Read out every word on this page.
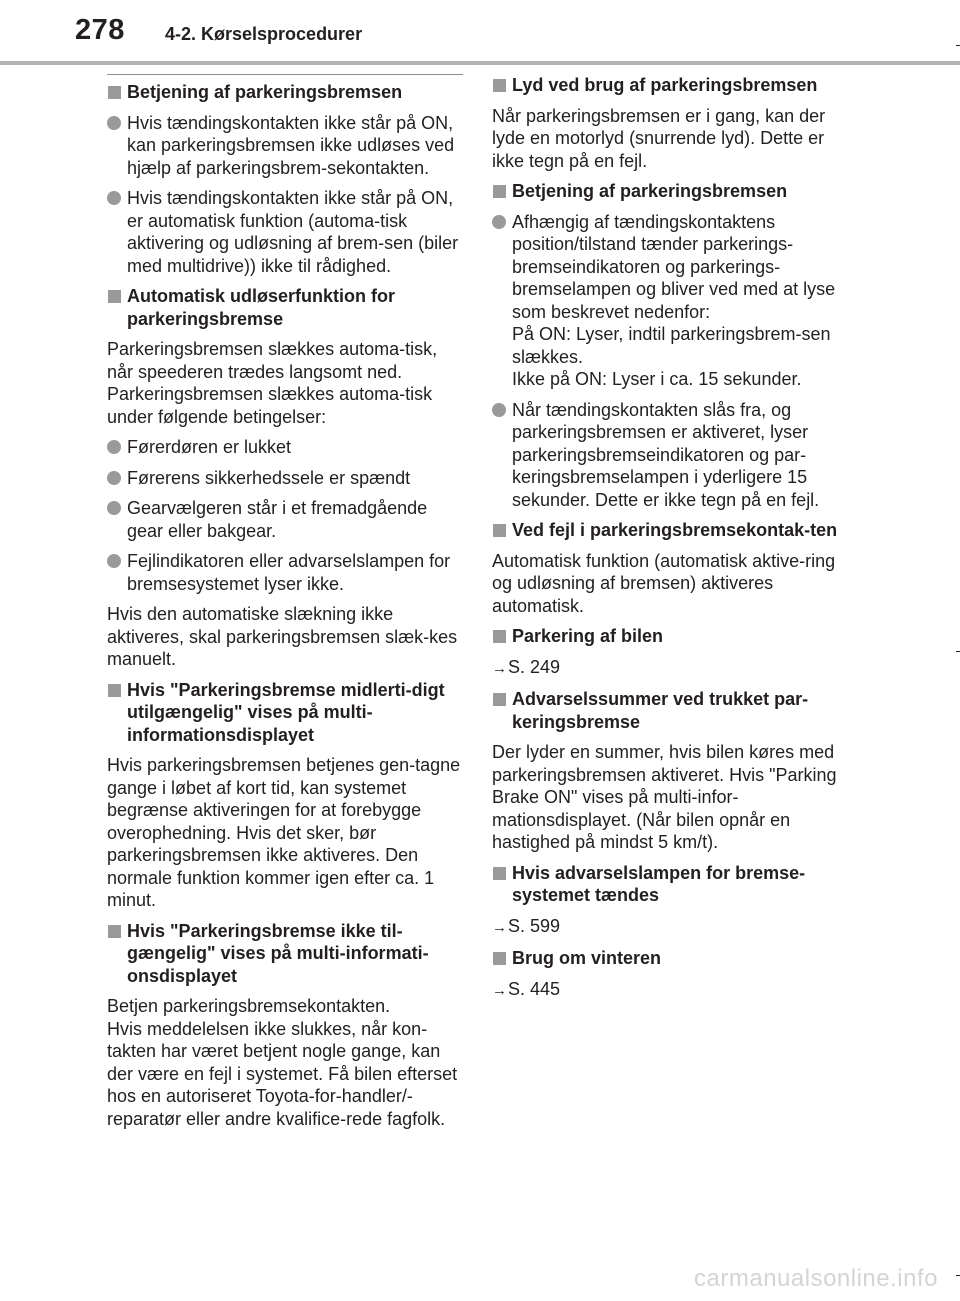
278 4-2. Kørselsprocedurer
Betjening af parkeringsbremsen
Hvis tændingskontakten ikke står på ON, kan parkeringsbremsen ikke udløses ved hjælp af parkeringsbrem-sekontakten.
Hvis tændingskontakten ikke står på ON, er automatisk funktion (automa-tisk aktivering og udløsning af brem-sen (biler med multidrive)) ikke til rådighed.
Automatisk udløserfunktion for parkeringsbremse
Parkeringsbremsen slækkes automa-tisk, når speederen trædes langsomt ned.
Parkeringsbremsen slækkes automa-tisk under følgende betingelser:
Førerdøren er lukket
Førerens sikkerhedssele er spændt
Gearvælgeren står i et fremadgående gear eller bakgear.
Fejlindikatoren eller advarselslampen for bremsesystemet lyser ikke.
Hvis den automatiske slækning ikke aktiveres, skal parkeringsbremsen slæk-kes manuelt.
Hvis "Parkeringsbremse midlerti-digt utilgængelig" vises på multi-informationsdisplayet
Hvis parkeringsbremsen betjenes gen-tagne gange i løbet af kort tid, kan systemet begrænse aktiveringen for at forebygge overophedning. Hvis det sker, bør parkeringsbremsen ikke aktiveres. Den normale funktion kommer igen efter ca. 1 minut.
Hvis "Parkeringsbremse ikke til-gængelig" vises på multi-informati-onsdisplayet
Betjen parkeringsbremsekontakten.
Hvis meddelelsen ikke slukkes, når kon-takten har været betjent nogle gange, kan der være en fejl i systemet. Få bilen efterset hos en autoriseret Toyota-for-handler/-reparatør eller andre kvalifice-rede fagfolk.
Lyd ved brug af parkeringsbremsen
Når parkeringsbremsen er i gang, kan der lyde en motorlyd (snurrende lyd). Dette er ikke tegn på en fejl.
Betjening af parkeringsbremsen
Afhængig af tændingskontaktens position/tilstand tænder parkerings-bremseindikatoren og parkerings-bremselampen og bliver ved med at lyse som beskrevet nedenfor:
På ON: Lyser, indtil parkeringsbrem-sen slækkes.
Ikke på ON: Lyser i ca. 15 sekunder.
Når tændingskontakten slås fra, og parkeringsbremsen er aktiveret, lyser parkeringsbremseindikatoren og par-keringsbremselampen i yderligere 15 sekunder. Dette er ikke tegn på en fejl.
Ved fejl i parkeringsbremsekontak-ten
Automatisk funktion (automatisk aktive-ring og udløsning af bremsen) aktiveres automatisk.
Parkering af bilen
→S. 249
Advarselssummer ved trukket par-keringsbremse
Der lyder en summer, hvis bilen køres med parkeringsbremsen aktiveret. Hvis "Parking Brake ON" vises på multi-infor-mationsdisplayet. (Når bilen opnår en hastighed på mindst 5 km/t).
Hvis advarselslampen for bremse-systemet tændes
→S. 599
Brug om vinteren
→S. 445
carmanualsonline.info
